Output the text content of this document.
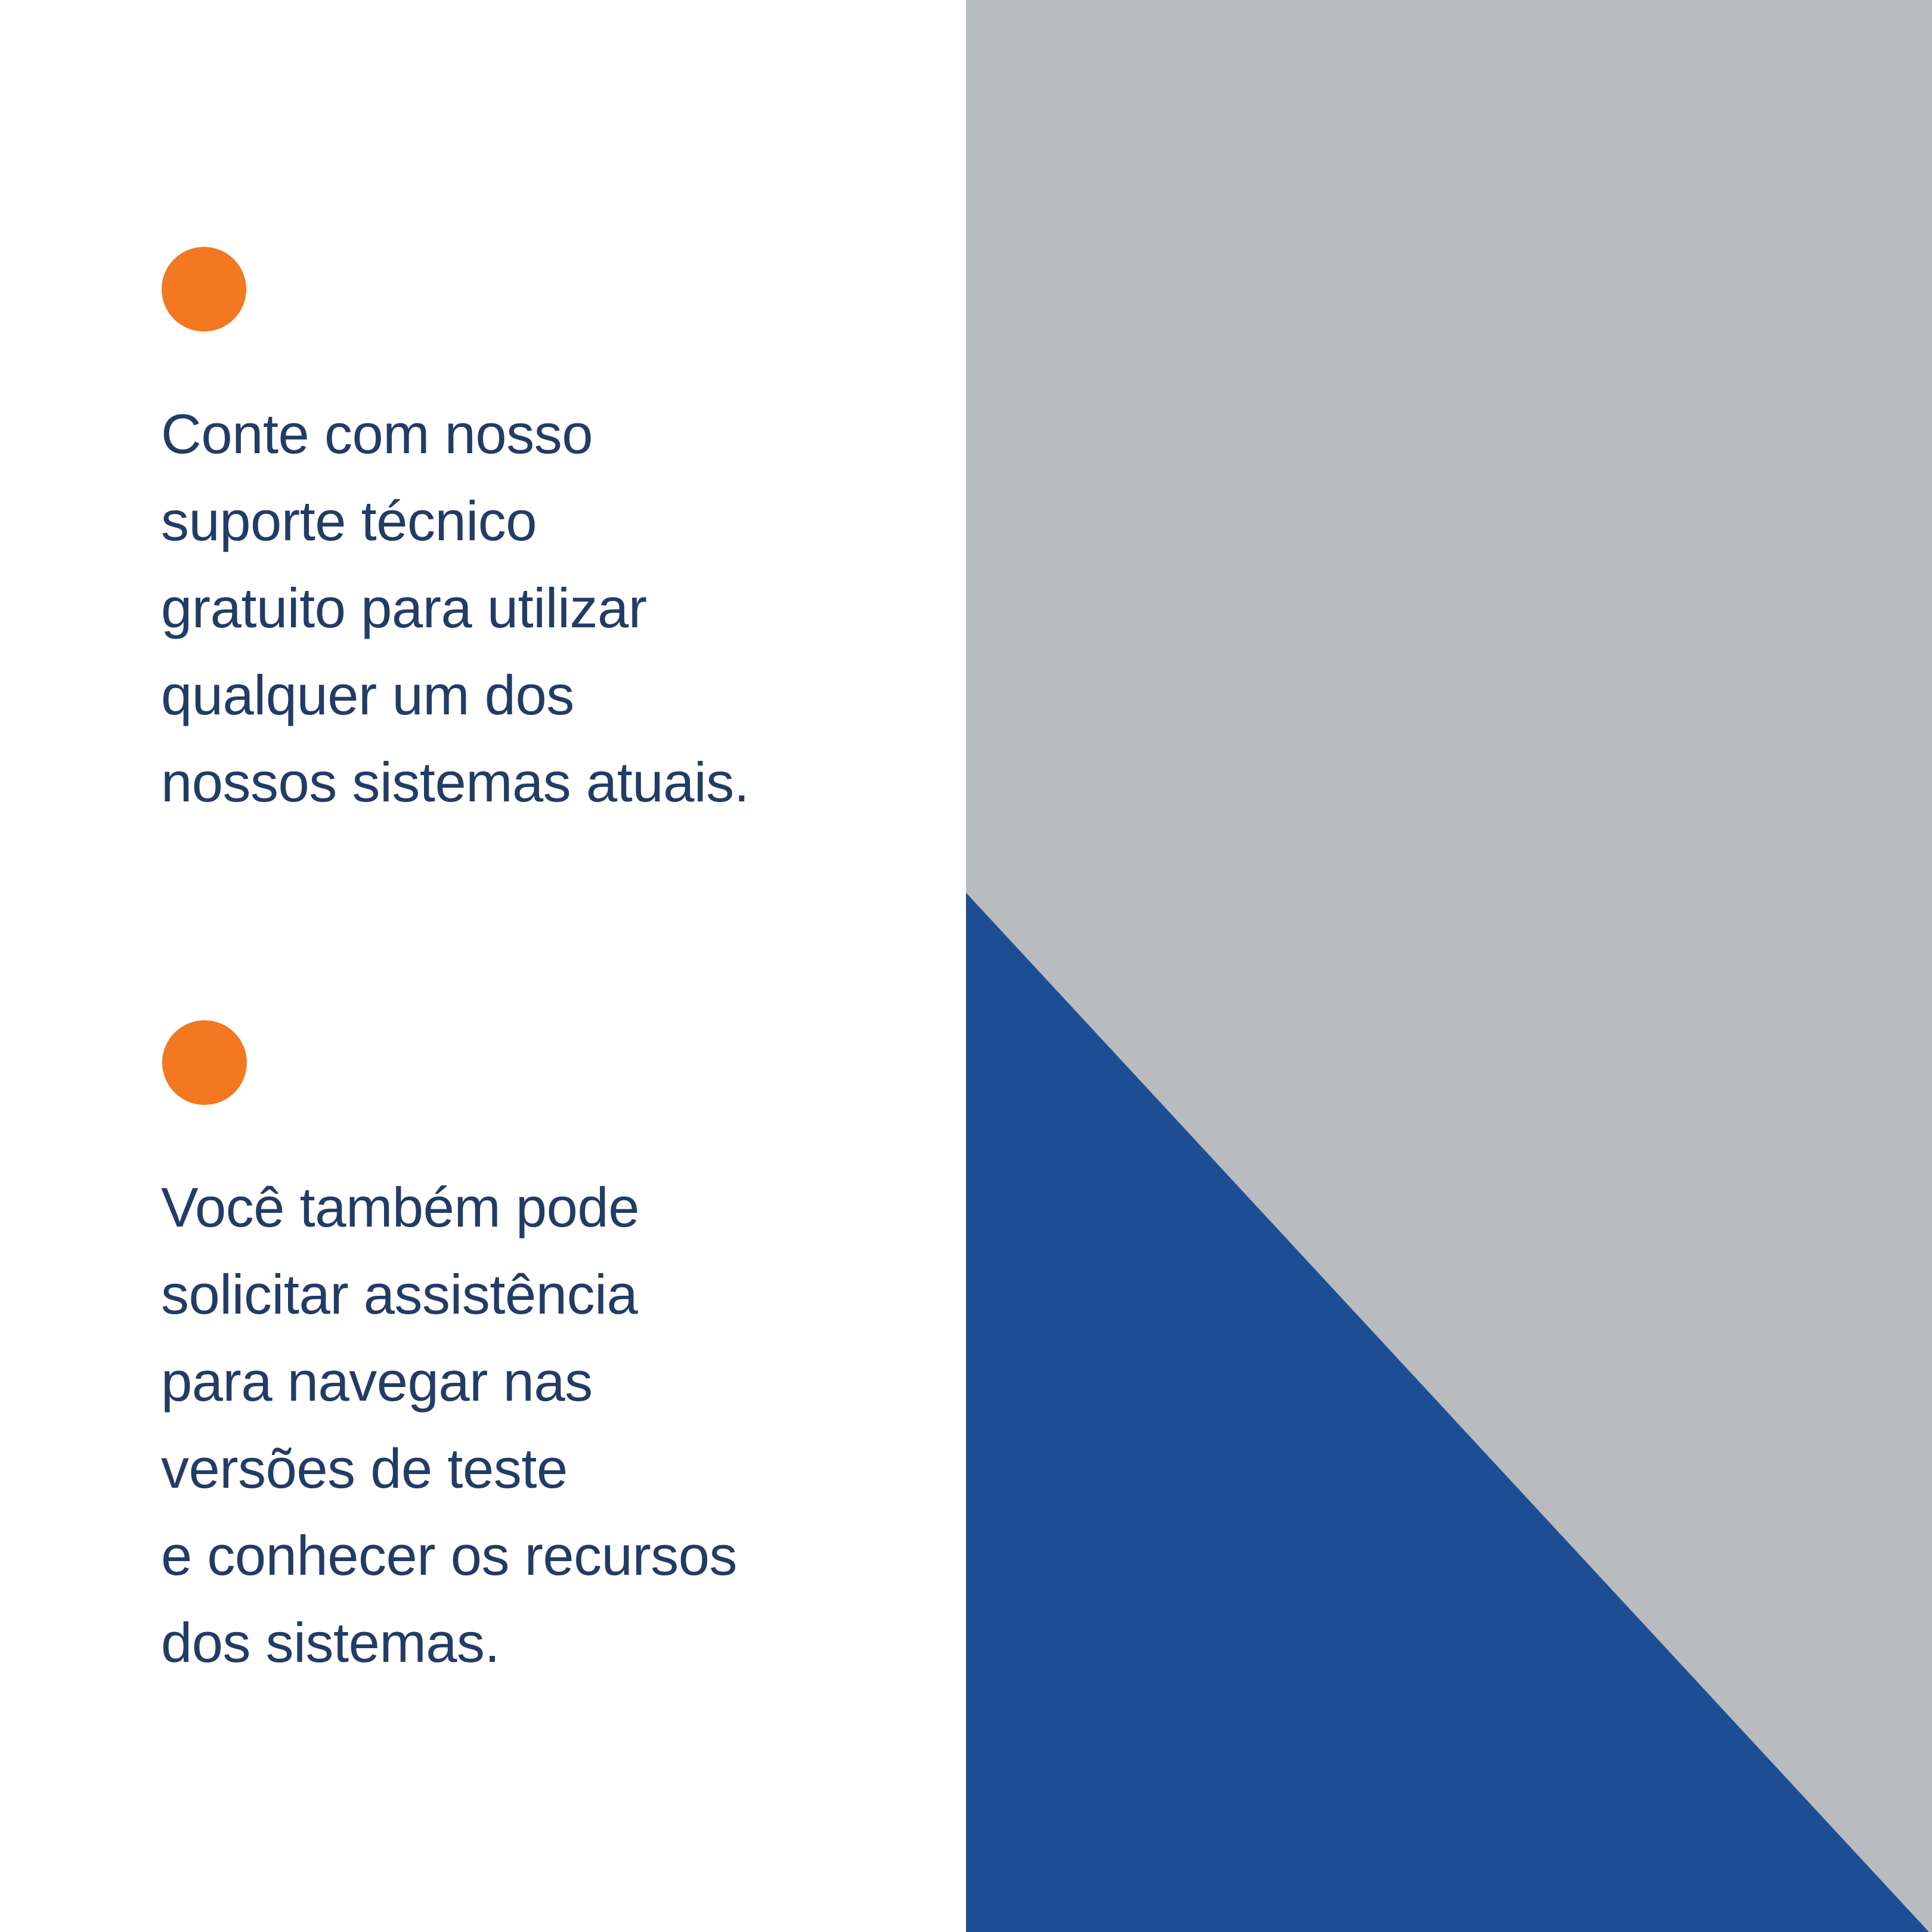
Conte com nosso
suporte técnico
gratuito para utilizar
qualquer um dos
nossos sistemas atuais.
Você também pode
solicitar assistência
para navegar nas
versões de teste
e conhecer os recursos
dos sistemas.
